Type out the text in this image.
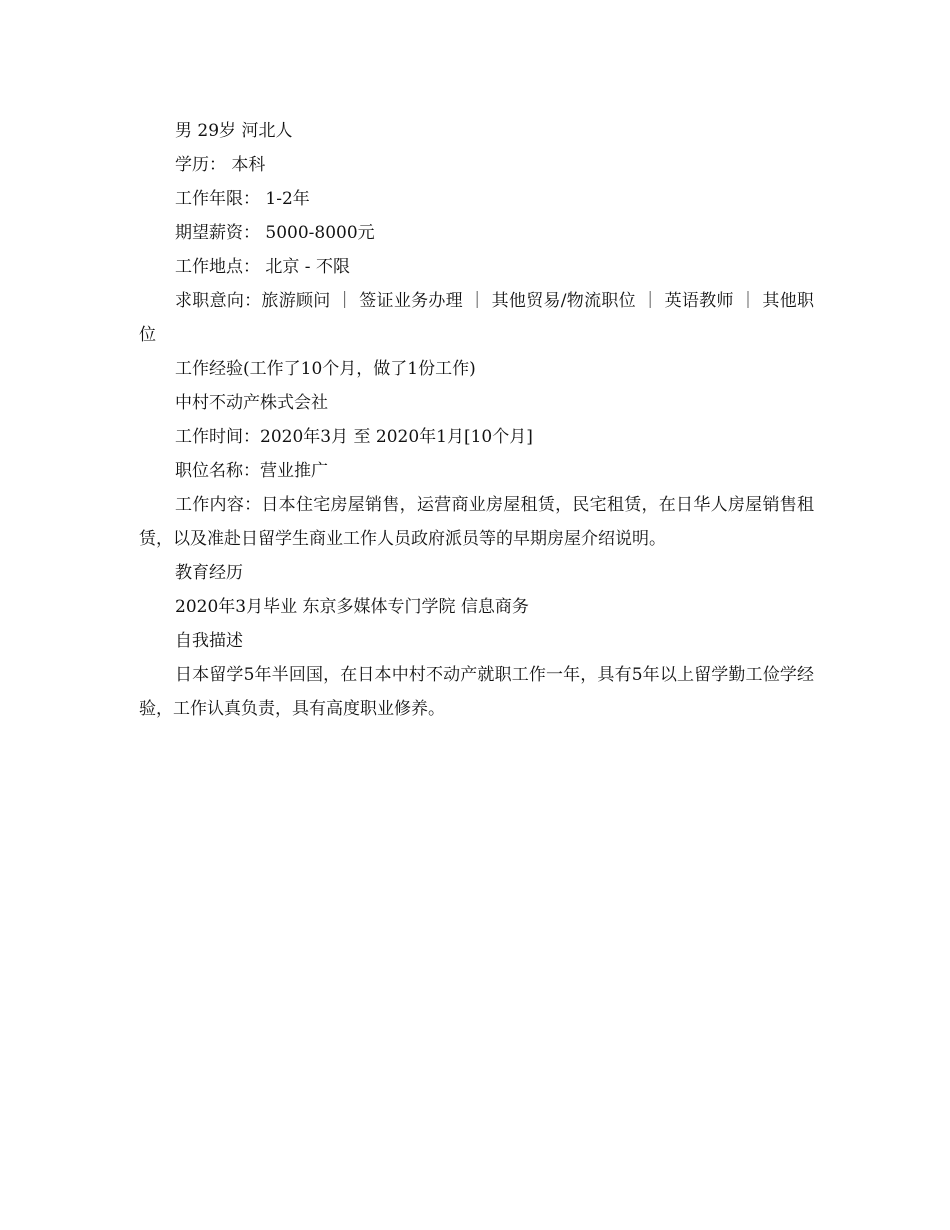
男 29岁 河北人
学历： 本科
工作年限： 1-2年
期望薪资： 5000-8000元
工作地点： 北京 - 不限
求职意向：旅游顾问 ｜ 签证业务办理 ｜ 其他贸易/物流职位 ｜ 英语教师 ｜ 其他职位
工作经验(工作了10个月，做了1份工作)
中村不动产株式会社
工作时间：2020年3月 至 2020年1月[10个月]
职位名称：营业推广
工作内容：日本住宅房屋销售，运营商业房屋租赁，民宅租赁，在日华人房屋销售租赁，以及准赴日留学生商业工作人员政府派员等的早期房屋介绍说明。
教育经历
2020年3月毕业 东京多媒体专门学院 信息商务
自我描述
日本留学5年半回国，在日本中村不动产就职工作一年，具有5年以上留学勤工俭学经验，工作认真负责，具有高度职业修养。
